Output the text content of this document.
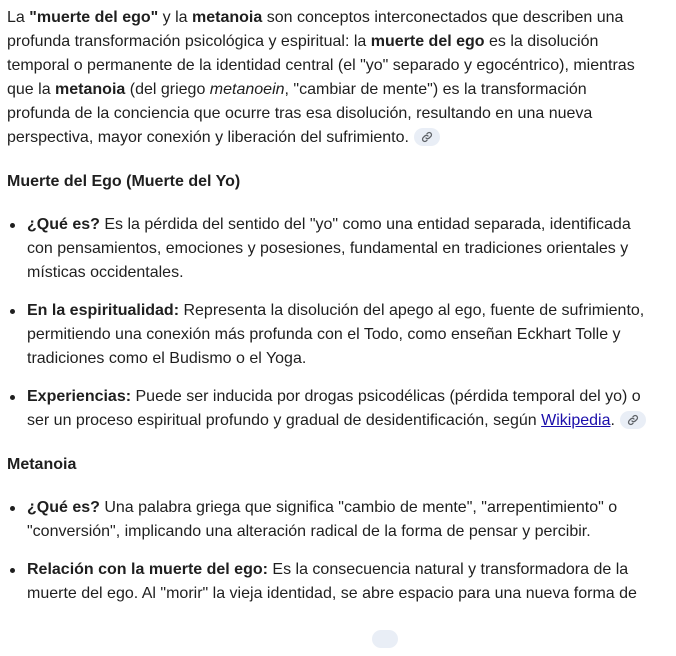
La "muerte del ego" y la metanoia son conceptos interconectados que describen una profunda transformación psicológica y espiritual: la muerte del ego es la disolución temporal o permanente de la identidad central (el "yo" separado y egocéntrico), mientras que la metanoia (del griego metanoein, "cambiar de mente") es la transformación profunda de la conciencia que ocurre tras esa disolución, resultando en una nueva perspectiva, mayor conexión y liberación del sufrimiento.

Muerte del Ego (Muerte del Yo)
¿Qué es? Es la pérdida del sentido del "yo" como una entidad separada, identificada con pensamientos, emociones y posesiones, fundamental en tradiciones orientales y místicas occidentales.
En la espiritualidad: Representa la disolución del apego al ego, fuente de sufrimiento, permitiendo una conexión más profunda con el Todo, como enseñan Eckhart Tolle y tradiciones como el Budismo o el Yoga.
Experiencias: Puede ser inducida por drogas psicodélicas (pérdida temporal del yo) o ser un proceso espiritual profundo y gradual de desidentificación, según Wikipedia.
Metanoia
¿Qué es? Una palabra griega que significa "cambio de mente", "arrepentimiento" o "conversión", implicando una alteración radical de la forma de pensar y percibir.
Relación con la muerte del ego: Es la consecuencia natural y transformadora de la muerte del ego. Al "morir" la vieja identidad, se abre espacio para una nueva forma de
